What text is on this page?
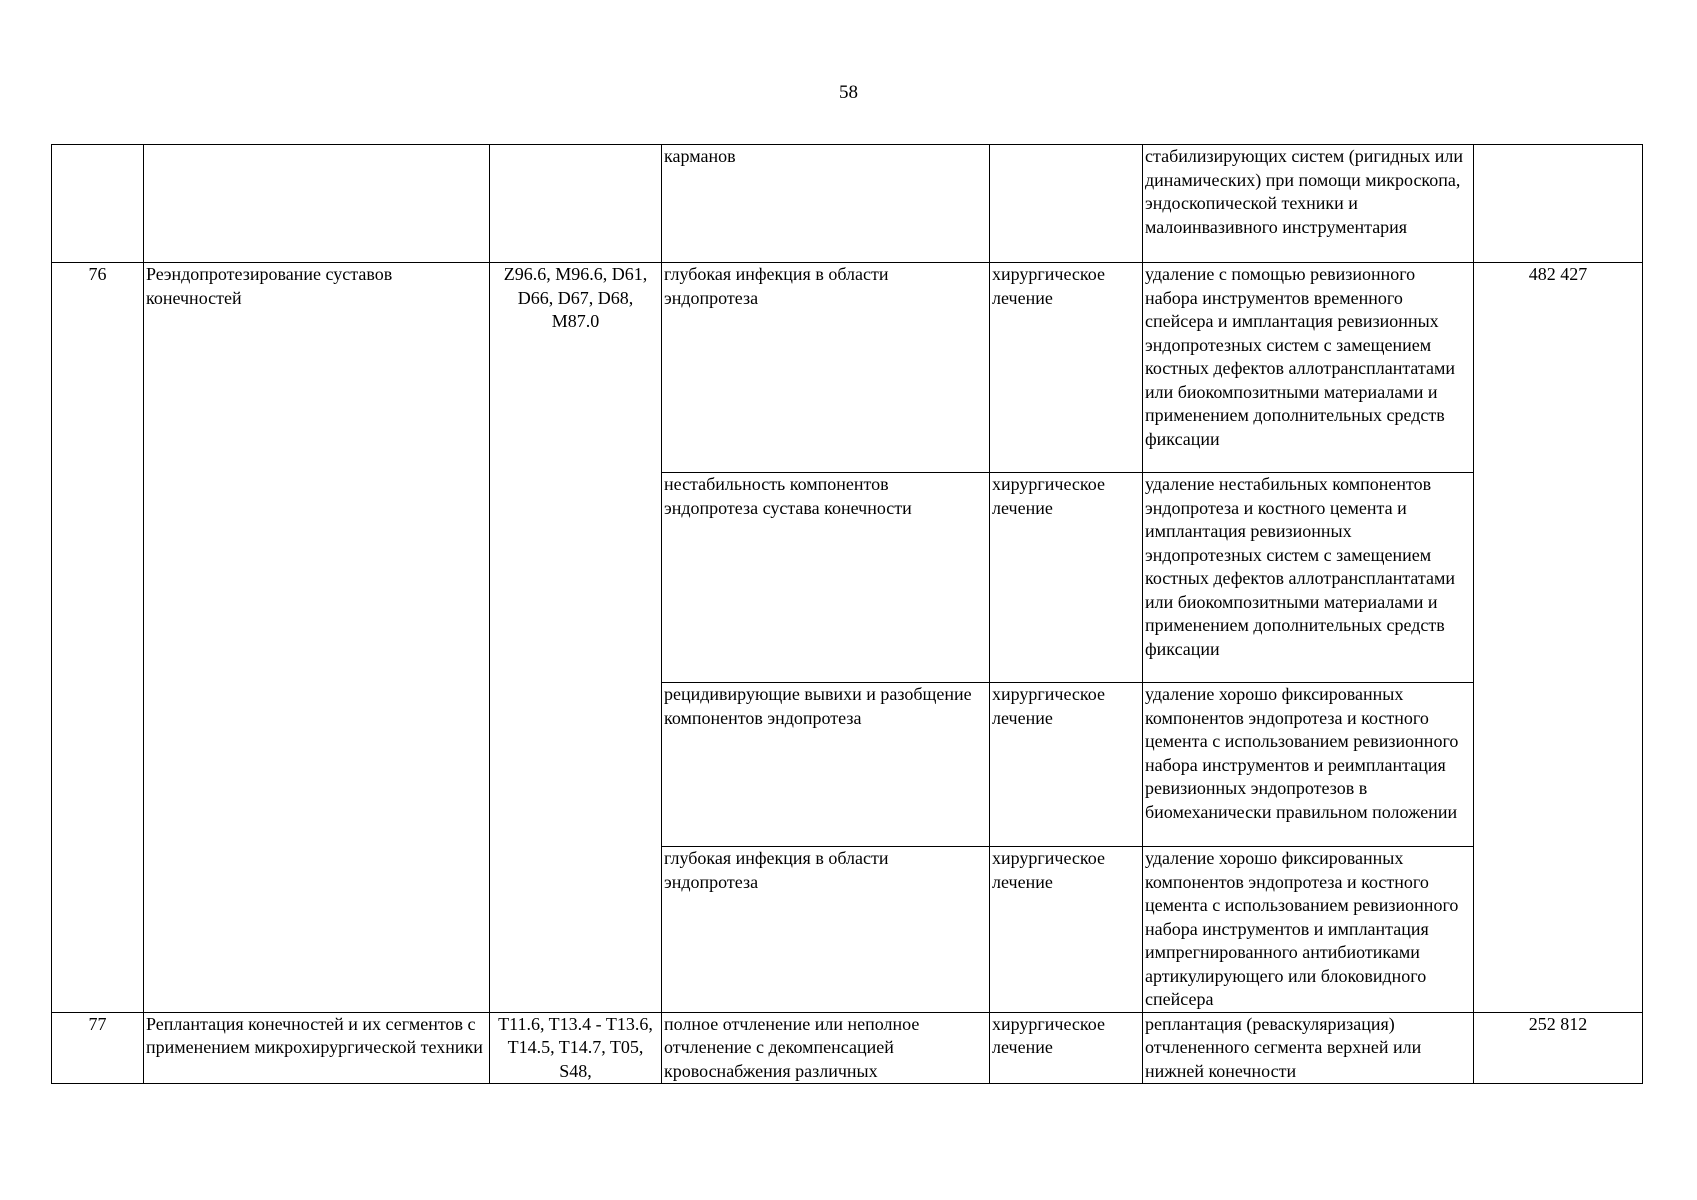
58
			карманов		стабилизирующих систем (ригидных или динамических) при помощи микроскопа, эндоскопической техники и малоинвазивного инструментария	
76	Реэндопротезирование суставов конечностей	Z96.6, M96.6, D61, D66, D67, D68, M87.0	глубокая инфекция в области эндопротеза	хирургическое лечение	удаление с помощью ревизионного набора инструментов временного спейсера и имплантация ревизионных эндопротезных систем с замещением костных дефектов аллотрансплантатами или биокомпозитными материалами и применением дополнительных средств фиксации	482 427
			нестабильность компонентов эндопротеза сустава конечности	хирургическое лечение	удаление нестабильных компонентов эндопротеза и костного цемента и имплантация ревизионных эндопротезных систем с замещением костных дефектов аллотрансплантатами или биокомпозитными материалами и применением дополнительных средств фиксации	
			рецидивирующие вывихи и разобщение компонентов эндопротеза	хирургическое лечение	удаление хорошо фиксированных компонентов эндопротеза и костного цемента с использованием ревизионного набора инструментов и реимплантация ревизионных эндопротезов в биомеханически правильном положении	
			глубокая инфекция в области эндопротеза	хирургическое лечение	удаление хорошо фиксированных компонентов эндопротеза и костного цемента с использованием ревизионного набора инструментов и имплантация импрегнированного антибиотиками артикулирующего или блоковидного спейсера	
77	Реплантация конечностей и их сегментов с применением микрохирургической техники	T11.6, T13.4 - T13.6, T14.5, T14.7, T05, S48,	полное отчленение или неполное отчленение с декомпенсацией кровоснабжения различных	хирургическое лечение	реплантация (реваскуляризация) отчлененного сегмента верхней или нижней конечности	252 812
